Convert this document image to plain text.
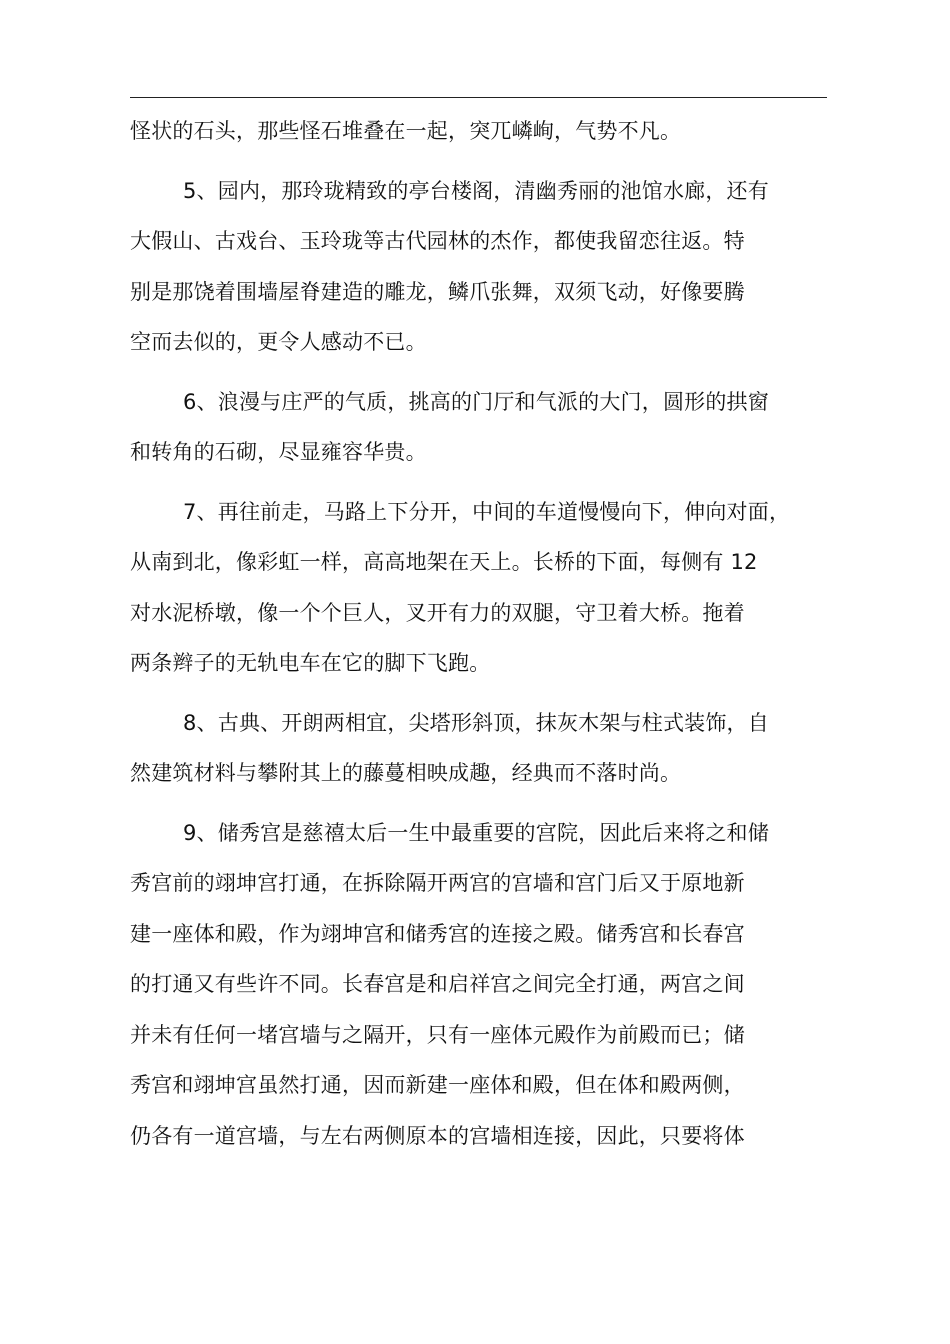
怪状的石头，那些怪石堆叠在一起，突兀嶙峋，气势不凡。

5、园内，那玲珑精致的亭台楼阁，清幽秀丽的池馆水廊，还有
大假山、古戏台、玉玲珑等古代园林的杰作，都使我留恋往返。特
别是那饶着围墙屋脊建造的雕龙，鳞爪张舞，双须飞动，好像要腾
空而去似的，更令人感动不已。

6、浪漫与庄严的气质，挑高的门厅和气派的大门，圆形的拱窗
和转角的石砌，尽显雍容华贵。

7、再往前走，马路上下分开，中间的车道慢慢向下，伸向对面，
从南到北，像彩虹一样，高高地架在天上。长桥的下面，每侧有 12
对水泥桥墩，像一个个巨人，叉开有力的双腿，守卫着大桥。拖着
两条辫子的无轨电车在它的脚下飞跑。

8、古典、开朗两相宜，尖塔形斜顶，抹灰木架与柱式装饰，自
然建筑材料与攀附其上的藤蔓相映成趣，经典而不落时尚。

9、储秀宫是慈禧太后一生中最重要的宫院，因此后来将之和储
秀宫前的翊坤宫打通，在拆除隔开两宫的宫墙和宫门后又于原地新
建一座体和殿，作为翊坤宫和储秀宫的连接之殿。储秀宫和长春宫
的打通又有些许不同。长春宫是和启祥宫之间完全打通，两宫之间
并未有任何一堵宫墙与之隔开，只有一座体元殿作为前殿而已；储
秀宫和翊坤宫虽然打通，因而新建一座体和殿，但在体和殿两侧，
仍各有一道宫墙，与左右两侧原本的宫墙相连接，因此，只要将体
